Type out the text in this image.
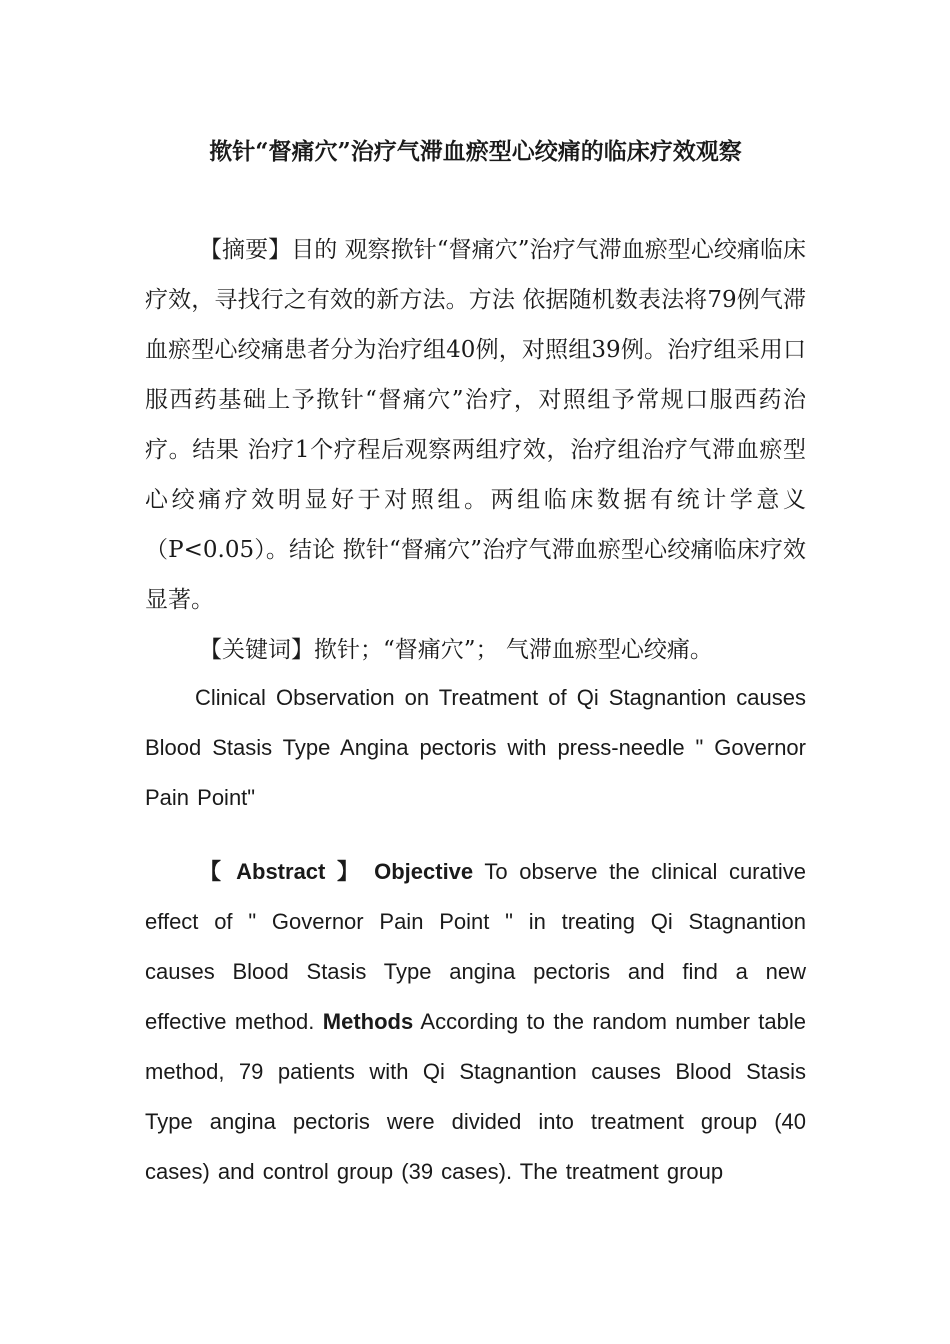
揿针“督痛穴”治疗气滞血瘀型心绞痛的临床疗效观察

【摘要】目的 观察揿针“督痛穴”治疗气滞血瘀型心绞痛临床疗效，寻找行之有效的新方法。方法 依据随机数表法将79例气滞血瘀型心绞痛患者分为治疗组40例，对照组39例。治疗组采用口服西药基础上予揿针“督痛穴”治疗，对照组予常规口服西药治疗。结果 治疗1个疗程后观察两组疗效，治疗组治疗气滞血瘀型心绞痛疗效明显好于对照组。两组临床数据有统计学意义（P<0.05）。结论 揿针“督痛穴”治疗气滞血瘀型心绞痛临床疗效显著。

【关键词】揿针；“督痛穴”； 气滞血瘀型心绞痛。

Clinical Observation on Treatment of Qi Stagnantion causes Blood Stasis Type Angina pectoris with press-needle " Governor Pain Point"

【 Abstract 】 Objective To observe the clinical curative effect of " Governor Pain Point " in treating Qi Stagnantion causes Blood Stasis Type angina pectoris and find a new effective method. Methods According to the random number table method, 79 patients with Qi Stagnantion causes Blood Stasis Type angina pectoris were divided into treatment group (40 cases) and control group (39 cases). The treatment group
